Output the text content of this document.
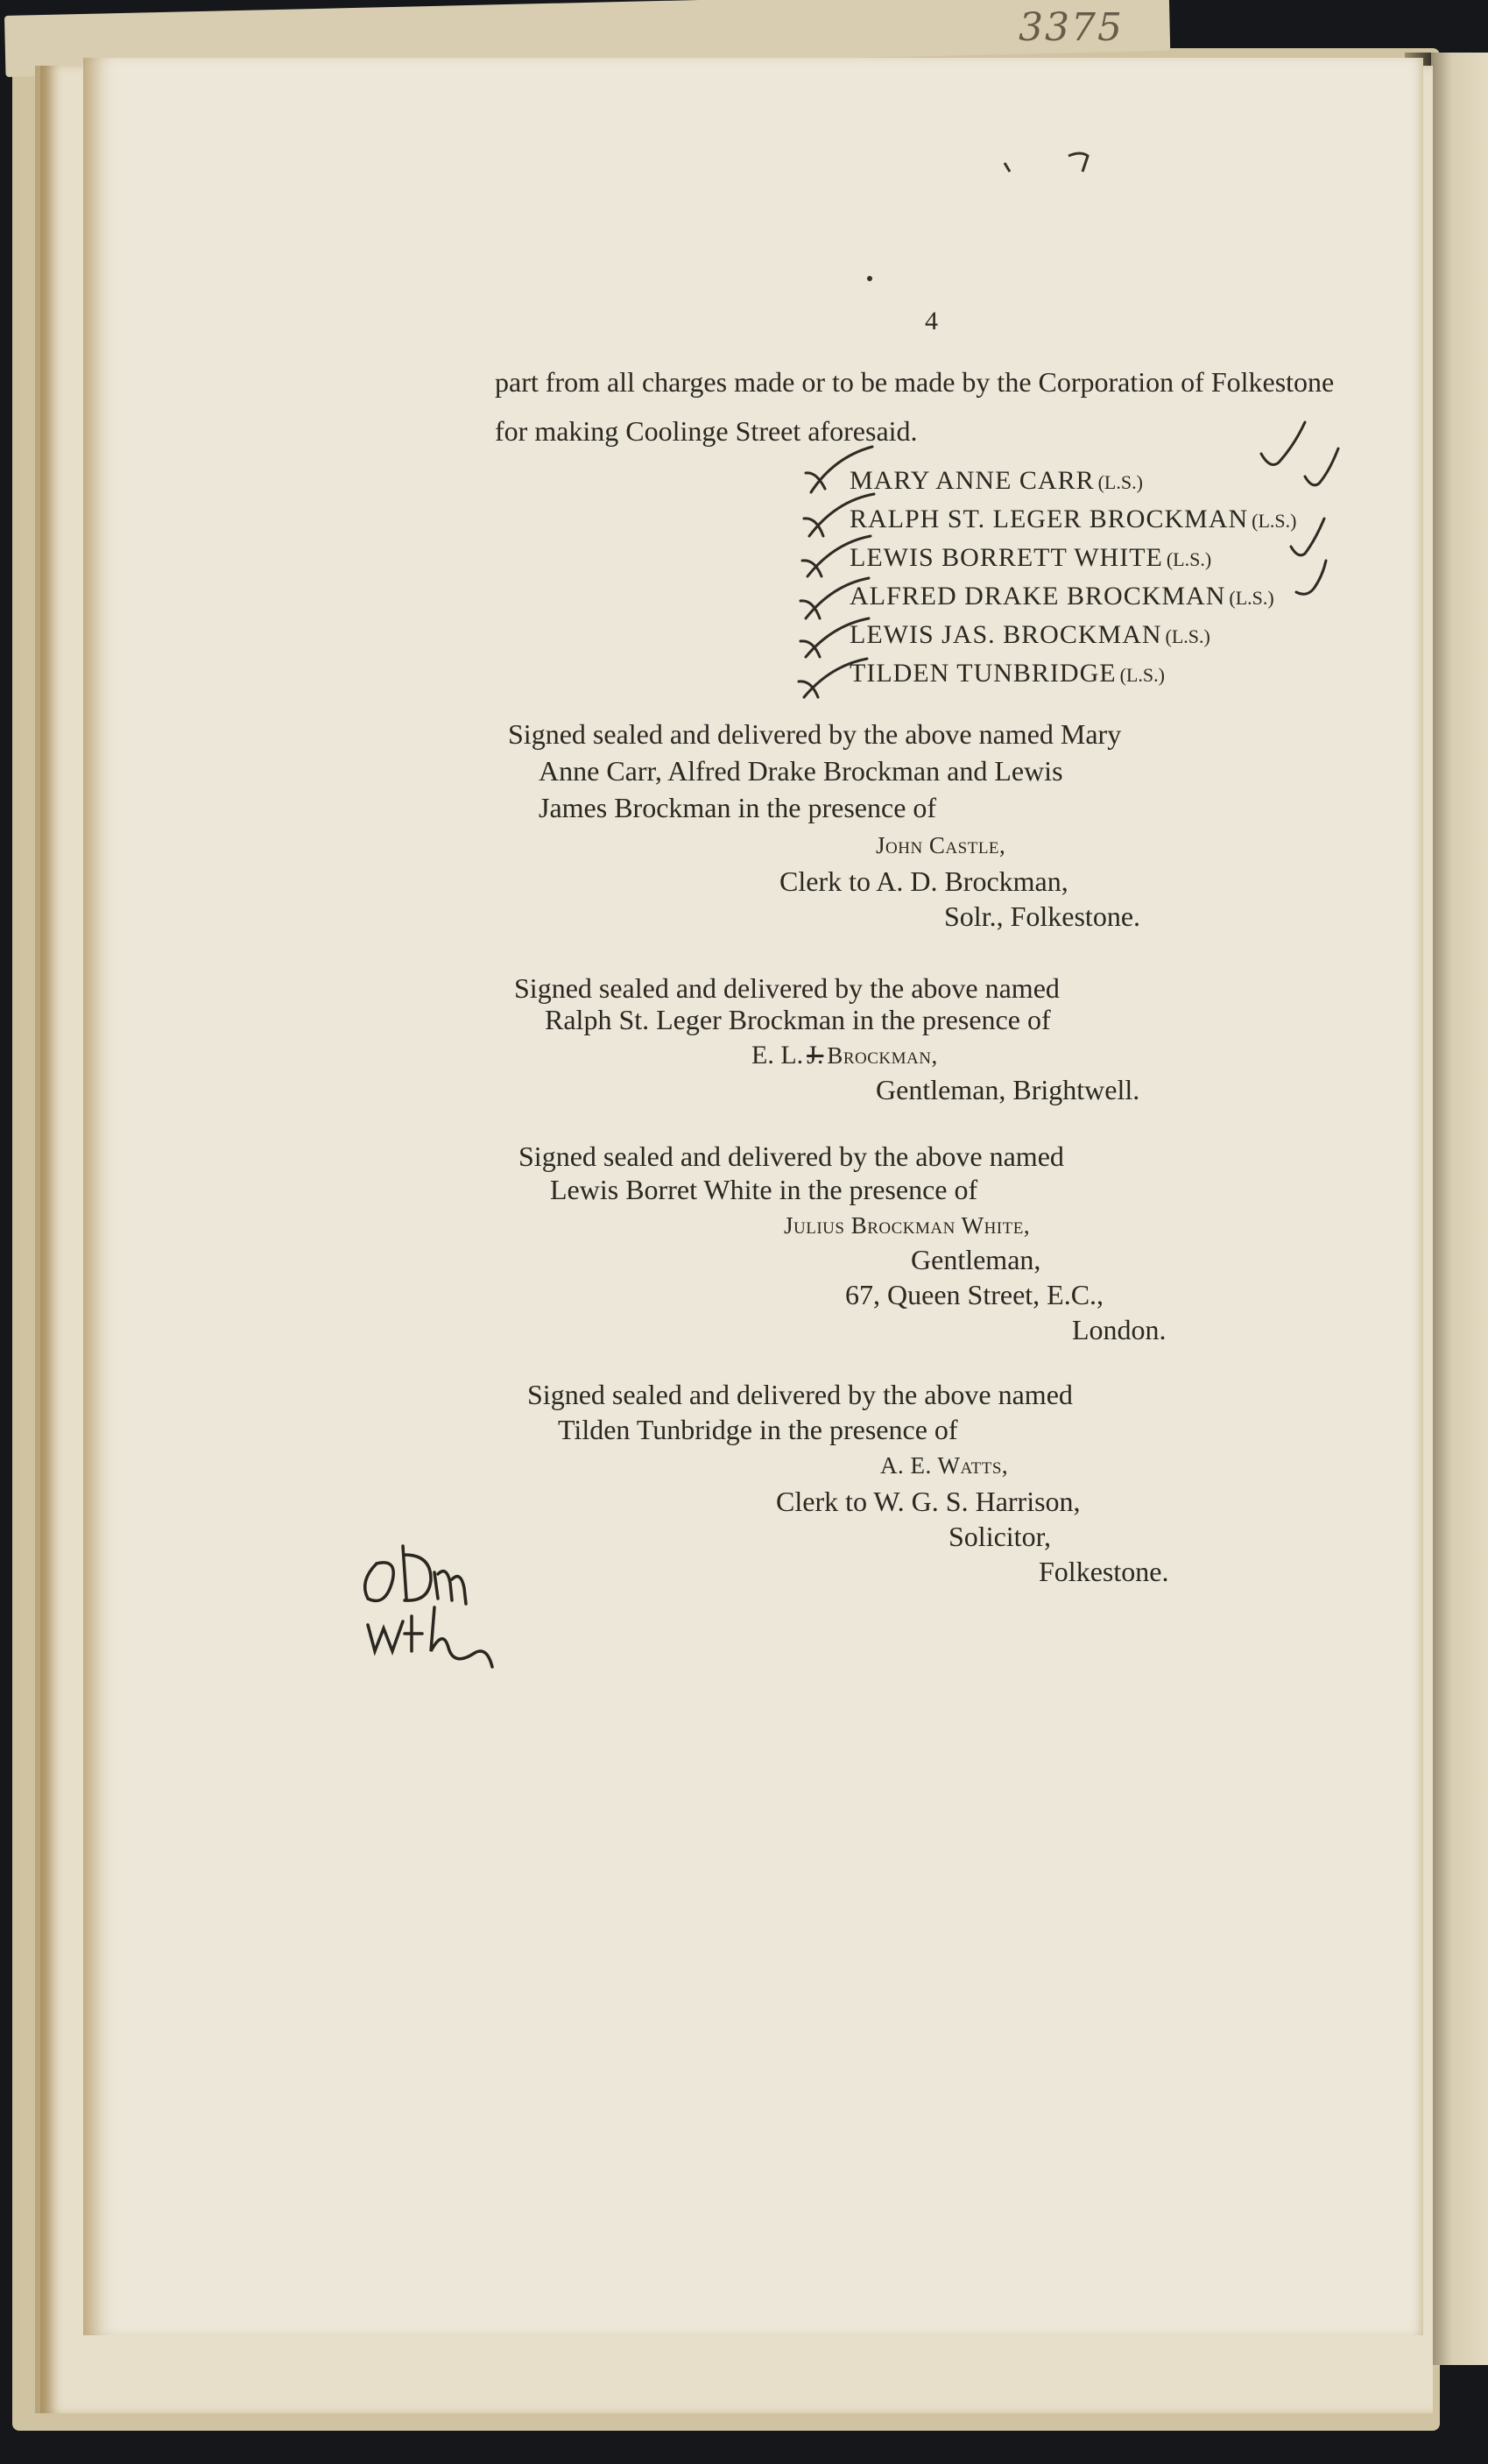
3375
4
part from all charges made or to be made by the Corporation of Folkestone
for making Coolinge Street aforesaid.
MARY ANNE CARR (L.S.)
RALPH ST. LEGER BROCKMAN (L.S.)
LEWIS BORRETT WHITE (L.S.)
ALFRED DRAKE BROCKMAN (L.S.)
LEWIS JAS. BROCKMAN (L.S.)
TILDEN TUNBRIDGE (L.S.)
Signed sealed and delivered by the above named Mary
Anne Carr, Alfred Drake Brockman and Lewis
James Brockman in the presence of
John Castle,
Clerk to A. D. Brockman,
Solr., Folkestone.
Signed sealed and delivered by the above named
Ralph St. Leger Brockman in the presence of
E. L. J. Brockman,
Gentleman, Brightwell.
Signed sealed and delivered by the above named
Lewis Borret White in the presence of
Julius Brockman White,
Gentleman,
67, Queen Street, E.C.,
London.
Signed sealed and delivered by the above named
Tilden Tunbridge in the presence of
A. E. Watts,
Clerk to W. G. S. Harrison,
Solicitor,
Folkestone.
